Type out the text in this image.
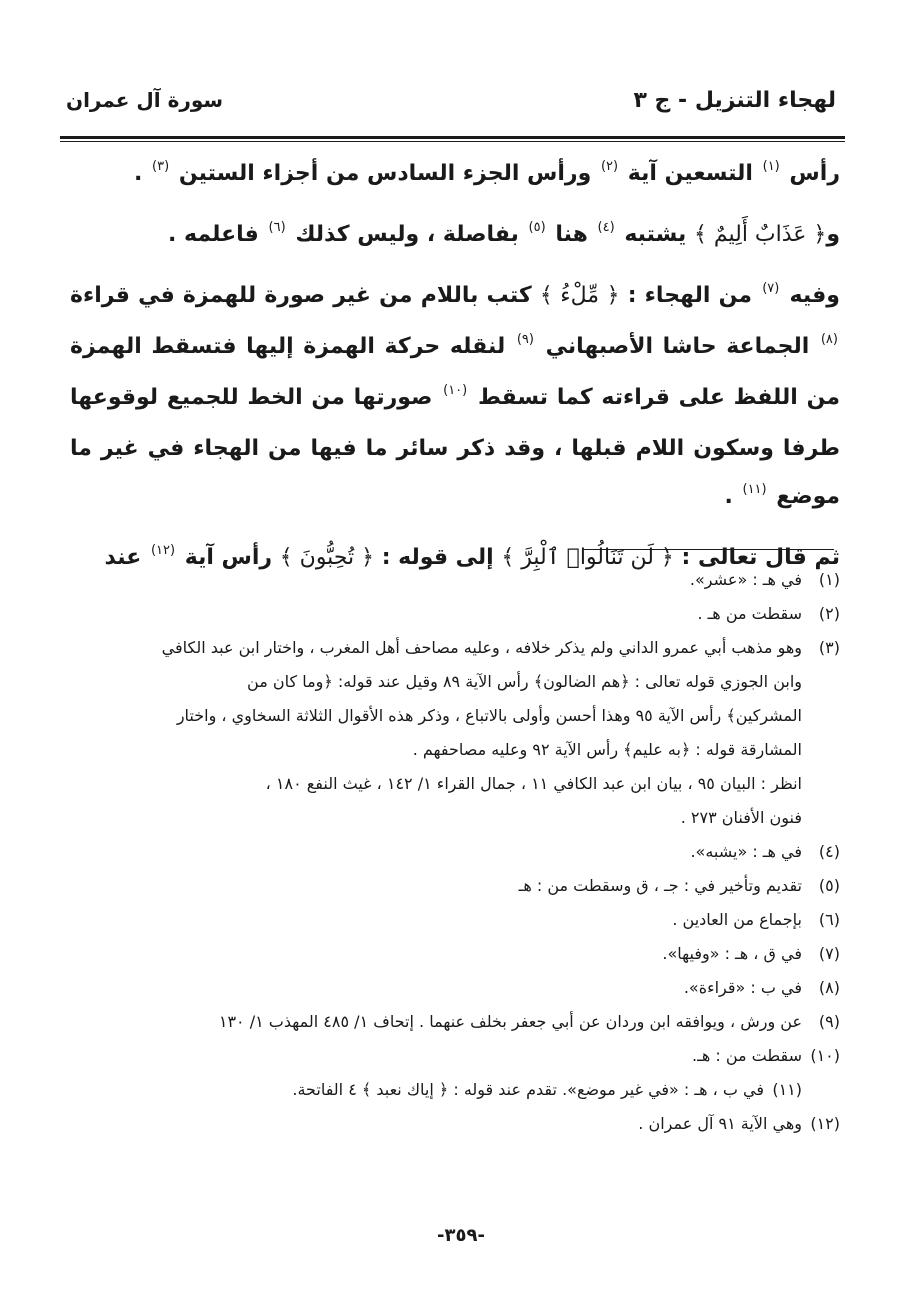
لهجاء التنزيل - ج ٣
سورة آل عمران

رأس $^{(١)}$ التسعين آية $^{(٢)}$ ورأس الجزء السادس من أجزاء الستين $^{(٣)}$ .

و﴿ عَذَابٌ أَلِيمٌ ﴾ يشتبه $^{(٤)}$ هنا $^{(٥)}$ بفاصلة ، وليس كذلك $^{(٦)}$ فاعلمه .

وفيه $^{(٧)}$ من الهجاء : ﴿ مِّلْءُ ﴾ كتب باللام من غير صورة للهمزة في قراءة $^{(٨)}$ الجماعة حاشا الأصبهاني $^{(٩)}$ لنقله حركة الهمزة إليها فتسقط الهمزة من اللفظ على قراءته كما تسقط $^{(١٠)}$ صورتها من الخط للجميع لوقوعها طرفا وسكون اللام قبلها ، وقد ذكر سائر ما فيها من الهجاء في غير ما موضع $^{(١١)}$ .

ثم قال تعالى : ﴿ لَن تَنَالُوا۟ ٱلْبِرَّ ﴾ إلى قوله : ﴿ تُحِبُّونَ ﴾ رأس آية $^{(١٢)}$ عند

(١)
في هـ : «عشر».
(٢)
سقطت من هـ .
(٣)
وهو مذهب أبي عمرو الداني ولم يذكر خلافه ، وعليه مصاحف أهل المغرب ، واختار ابن عبد الكافي
وابن الجوزي قوله تعالى : ﴿هم الضالون﴾ رأس الآية ٨٩ وقيل عند قوله: ﴿وما كان من
المشركين﴾ رأس الآية ٩٥ وهذا أحسن وأولى بالاتباع ، وذكر هذه الأقوال الثلاثة السخاوي ، واختار
المشارقة قوله : ﴿به عليم﴾ رأس الآية ٩٢ وعليه مصاحفهم .
انظر : البيان ٩٥ ، بيان ابن عبد الكافي ١١ ، جمال القراء ١/ ١٤٢ ، غيث النفع ١٨٠ ،
فنون الأفنان ٢٧٣ .
(٤)
في هـ : «يشبه».
(٥)
تقديم وتأخير في : جـ ، ق وسقطت من : هـ
(٦)
بإجماع من العادين .
(٧)
في ق ، هـ : «وفيها».
(٨)
في ب : «قراءة».
(٩)
عن ورش ، ويوافقه ابن وردان عن أبي جعفر بخلف عنهما . إتحاف ١/ ٤٨٥ المهذب ١/ ١٣٠
(١٠)
سقطت من : هـ.
(١١)
في ب ، هـ : «في غير موضع». تقدم عند قوله : ﴿ إياك نعبد ﴾ ٤ الفاتحة.
(١٢)
وهي الآية ٩١ آل عمران .
-٣٥٩-
